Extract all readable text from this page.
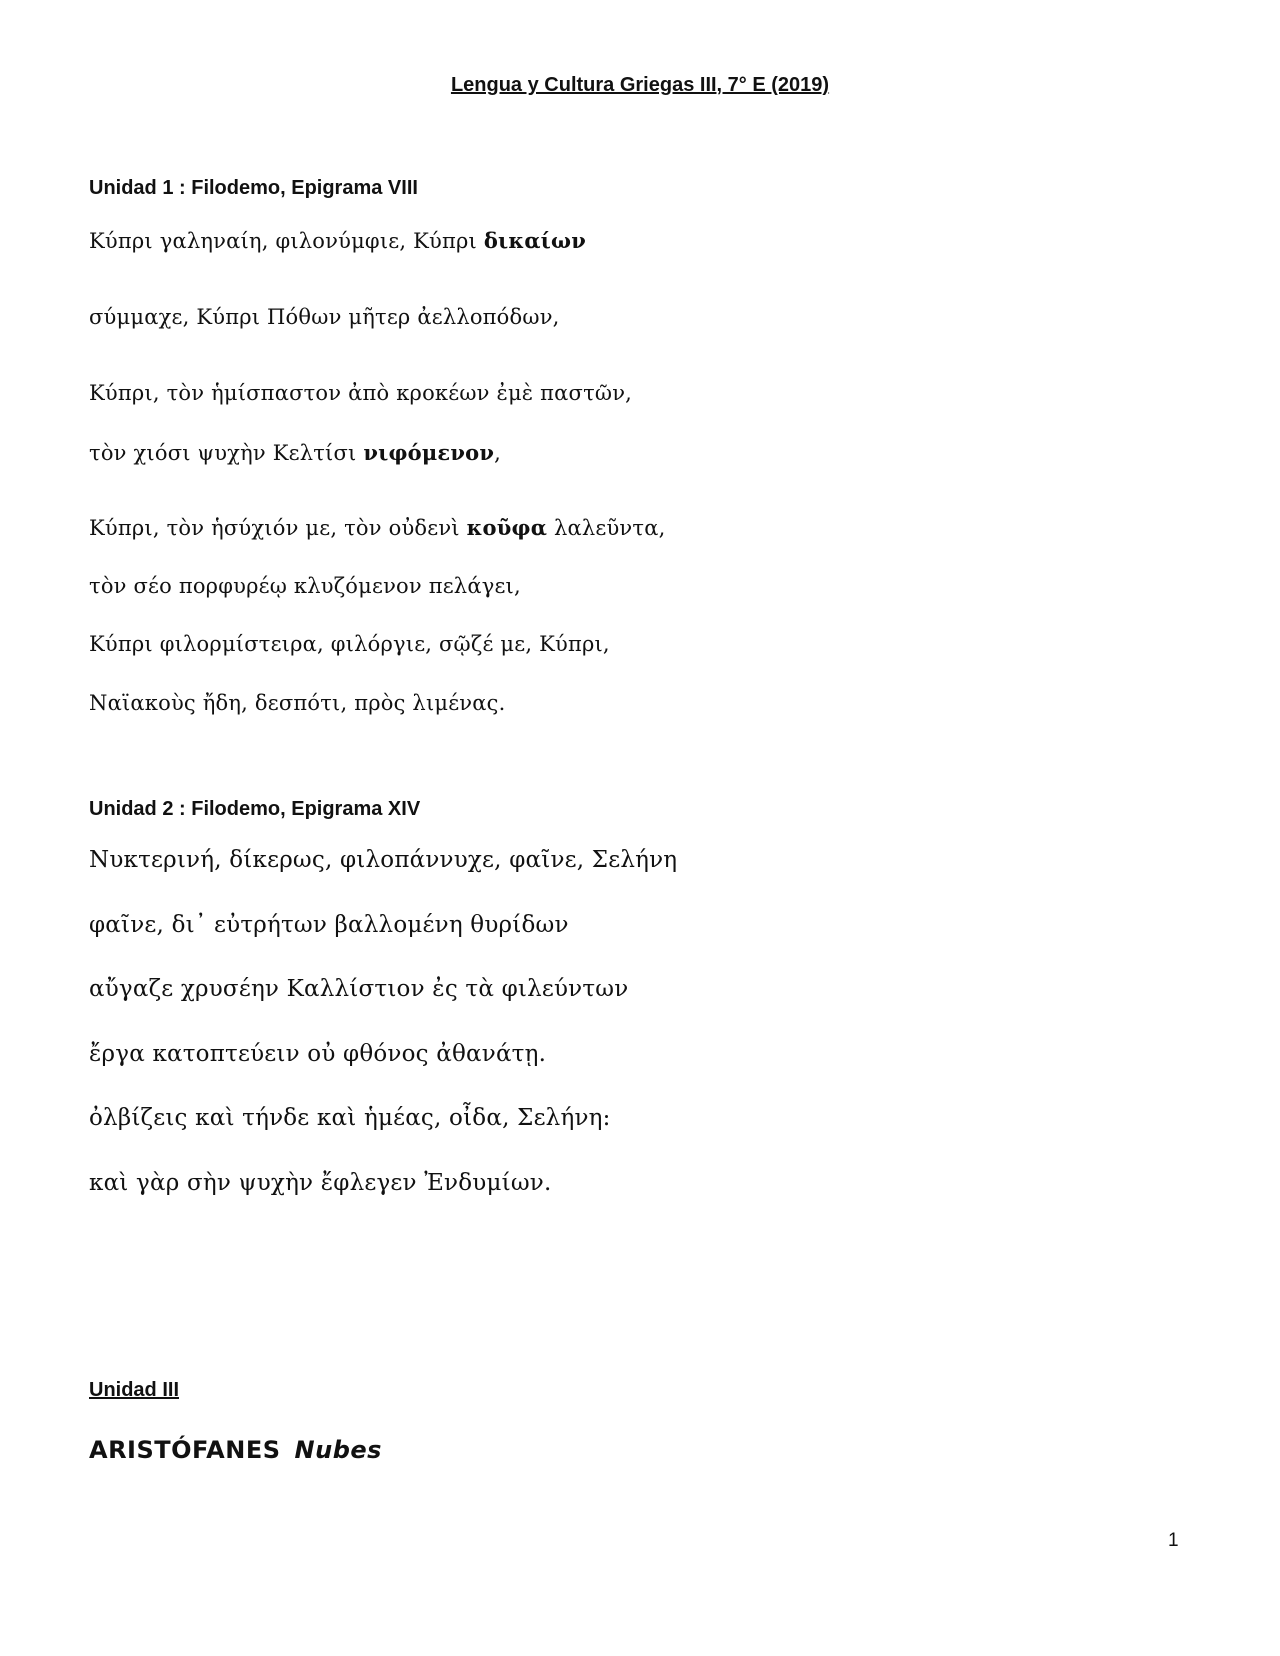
Lengua y Cultura Griegas III, 7° E (2019)
Unidad 1 : Filodemo, Epigrama VIII
Κύπρι γαληναίη, φιλονύμφιε, Κύπρι δικαίων
σύμμαχε, Κύπρι Πόθων μῆτερ ἀελλοπόδων,
Κύπρι, τὸν ἡμίσπαστον ἀπὸ κροκέων ἐμὲ παστῶν,
τὸν χιόσι ψυχὴν Κελτίσι νιφόμενον,
Κύπρι, τὸν ἡσύχιόν με, τὸν οὐδενὶ κοῦφα λαλεῦντα,
τὸν σέο πορφυρέῳ κλυζόμενον πελάγει,
Κύπρι φιλορμίστειρα, φιλόργιε, σῷζέ με, Κύπρι,
Ναϊακοὺς ἤδη, δεσπότι, πρὸς λιμένας.
Unidad 2 : Filodemo, Epigrama XIV
Νυκτερινή, δίκερως, φιλοπάννυχε, φαῖνε, Σελήνη
φαῖνε, δι᾽ εὐτρήτων βαλλομένη θυρίδων
αὔγαζε χρυσέην Καλλίστιον ἐς τὰ φιλεύντων
ἔργα κατοπτεύειν οὐ φθόνος ἀθανάτῃ.
ὀλβίζεις καὶ τήνδε καὶ ἡμέας, οἶδα, Σελήνη:
καὶ γὰρ σὴν ψυχὴν ἔφλεγεν Ἐνδυμίων.
Unidad III
ARISTÓFANES Nubes
1
